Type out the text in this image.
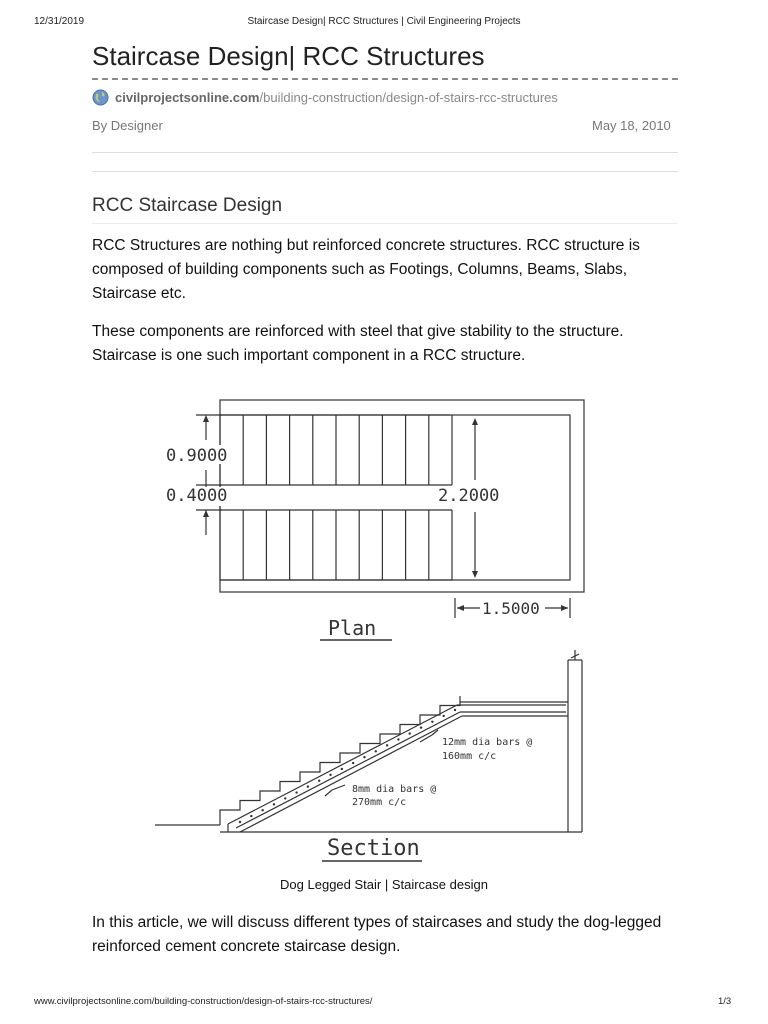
12/31/2019	Staircase Design| RCC Structures | Civil Engineering Projects
Staircase Design| RCC Structures
civilprojectsonline.com /building-construction/design-of-stairs-rcc-structures
By Designer	May 18, 2010
RCC Staircase Design
RCC Structures are nothing but reinforced concrete structures. RCC structure is composed of building components such as Footings, Columns, Beams, Slabs, Staircase etc.
These components are reinforced with steel that give stability to the structure. Staircase is one such important component in a RCC structure.
0.9000
0.4000	2.2000
1.5000
Plan
12mm dia bars @
160mm c/c
8mm dia bars @
270mm c/c
Section
Dog Legged Stair | Staircase design
In this article, we will discuss different types of staircases and study the dog-legged reinforced cement concrete staircase design.
www.civilprojectsonline.com/building-construction/design-of-stairs-rcc-structures/	1/3
